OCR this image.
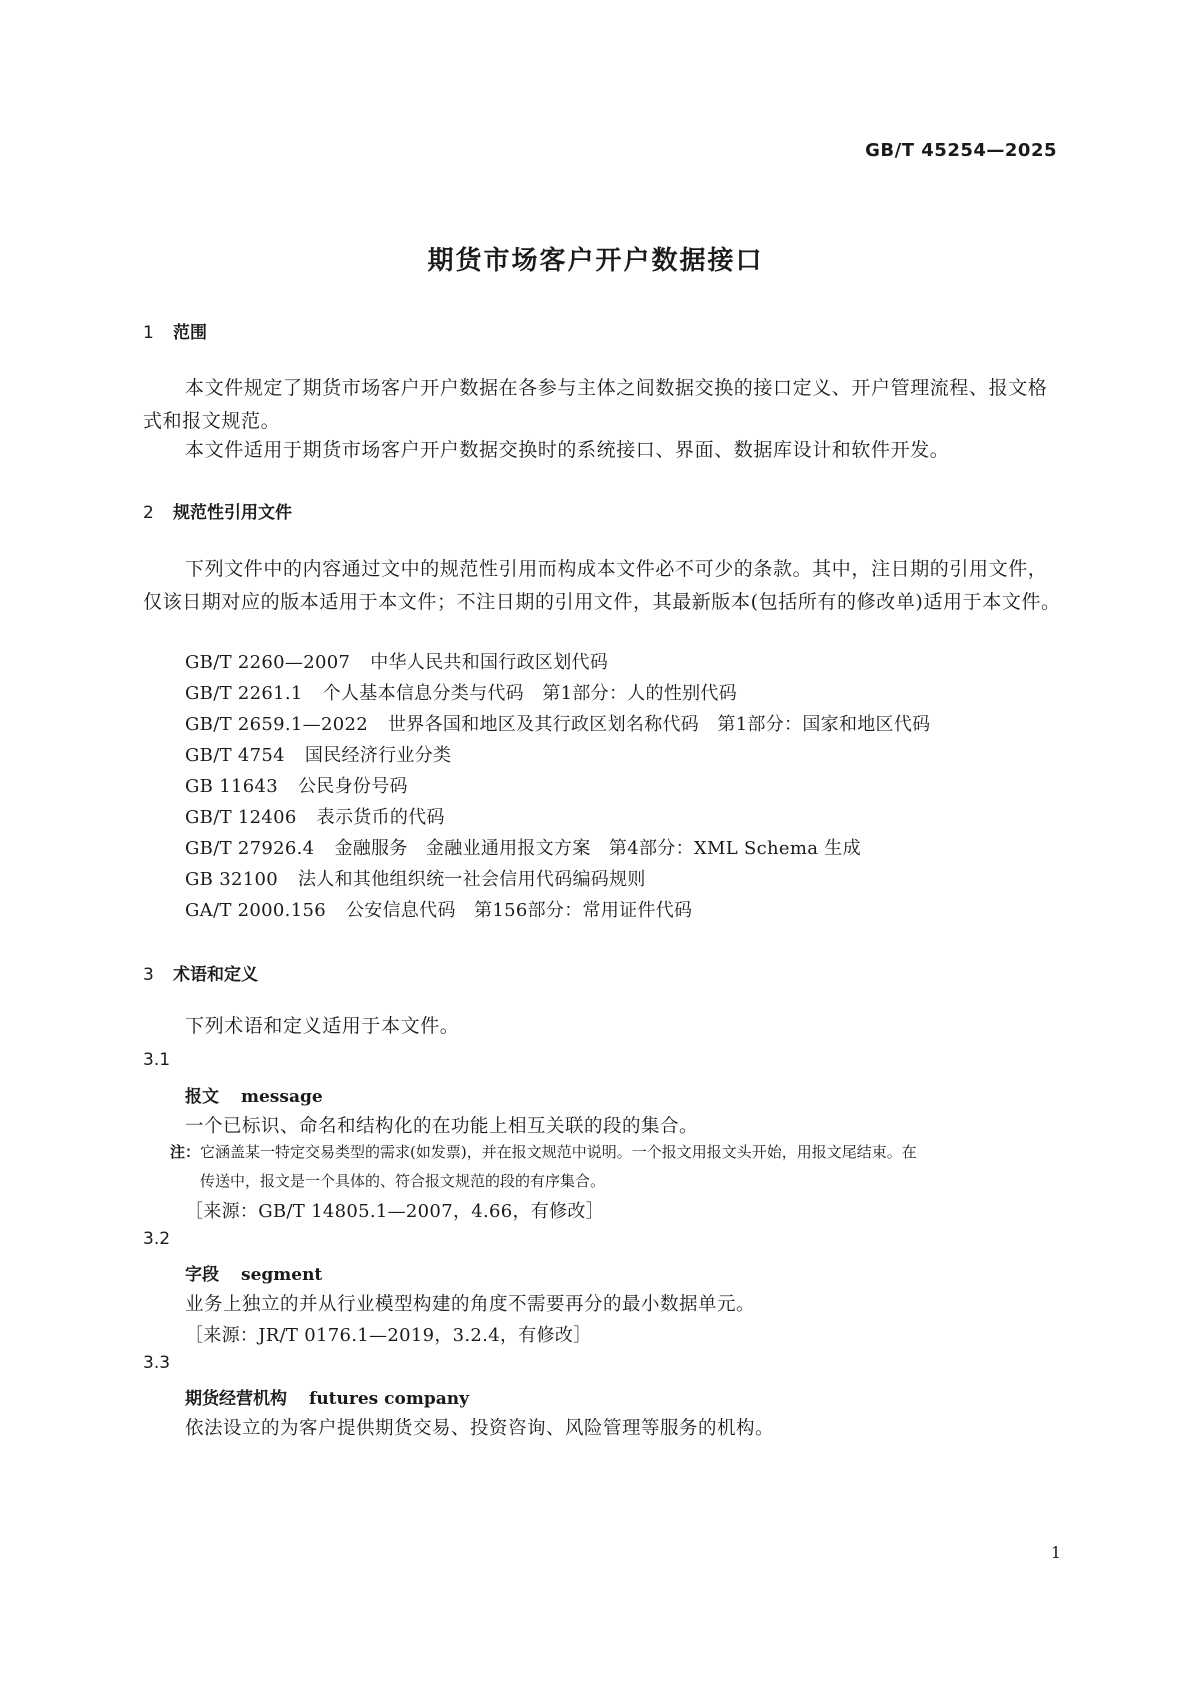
GB/T 45254—2025
期货市场客户开户数据接口
1 范围
本文件规定了期货市场客户开户数据在各参与主体之间数据交换的接口定义、开户管理流程、报文格式和报文规范。
本文件适用于期货市场客户开户数据交换时的系统接口、界面、数据库设计和软件开发。
2 规范性引用文件
下列文件中的内容通过文中的规范性引用而构成本文件必不可少的条款。其中，注日期的引用文件，仅该日期对应的版本适用于本文件；不注日期的引用文件，其最新版本(包括所有的修改单)适用于本文件。
GB/T 2260—2007 中华人民共和国行政区划代码
GB/T 2261.1 个人基本信息分类与代码　第1部分：人的性别代码
GB/T 2659.1—2022 世界各国和地区及其行政区划名称代码　第1部分：国家和地区代码
GB/T 4754 国民经济行业分类
GB 11643 公民身份号码
GB/T 12406 表示货币的代码
GB/T 27926.4 金融服务　金融业通用报文方案　第4部分：XML Schema 生成
GB 32100 法人和其他组织统一社会信用代码编码规则
GA/T 2000.156 公安信息代码　第156部分：常用证件代码
3 术语和定义
下列术语和定义适用于本文件。
3.1
报文 message
一个已标识、命名和结构化的在功能上相互关联的段的集合。
注：它涵盖某一特定交易类型的需求(如发票)，并在报文规范中说明。一个报文用报文头开始，用报文尾结束。在
传送中，报文是一个具体的、符合报文规范的段的有序集合。
［来源：GB/T 14805.1—2007，4.66，有修改］
3.2
字段 segment
业务上独立的并从行业模型构建的角度不需要再分的最小数据单元。
［来源：JR/T 0176.1—2019，3.2.4，有修改］
3.3
期货经营机构 futures company
依法设立的为客户提供期货交易、投资咨询、风险管理等服务的机构。
1
